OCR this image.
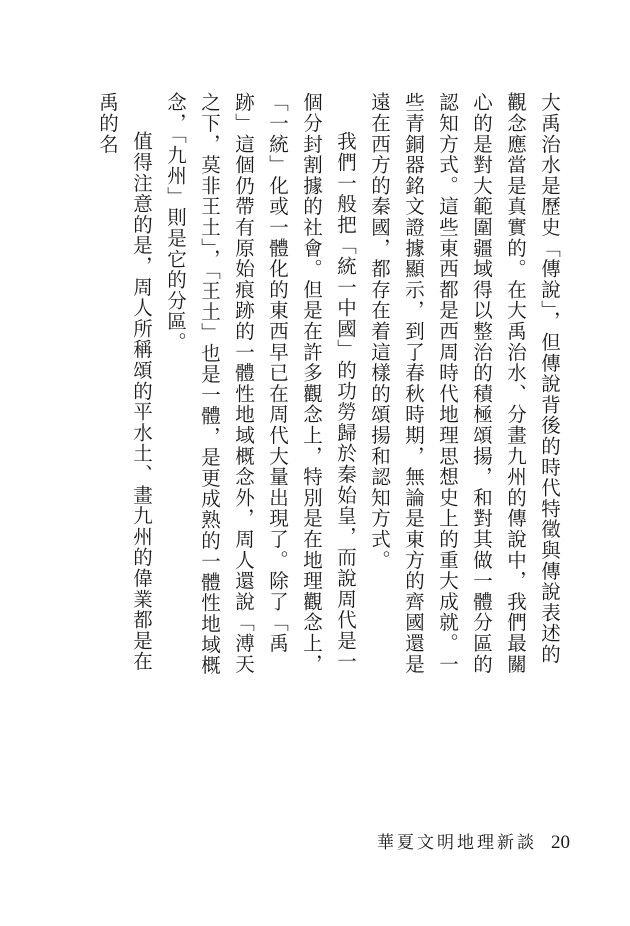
大禹治水是歷史「傳說」，但傳說背後的時代特徵與傳說表述的觀念應當是真實的。在大禹治水、分畫九州的傳說中，我們最關心的是對大範圍疆域得以整治的積極頌揚，和對其做一體分區的認知方式。這些東西都是西周時代地理思想史上的重大成就。一些青銅器銘文證據顯示，到了春秋時期，無論是東方的齊國還是遠在西方的秦國，都存在着這樣的頌揚和認知方式。

我們一般把「統一中國」的功勞歸於秦始皇，而說周代是一個分封割據的社會。但是在許多觀念上，特別是在地理觀念上，「一統」化或一體化的東西早已在周代大量出現了。除了「禹跡」這個仍帶有原始痕跡的一體性地域概念外，周人還說「溥天之下，莫非王土」，「王土」也是一體，是更成熟的一體性地域概念，「九州」則是它的分區。

值得注意的是，周人所稱頌的平水土、畫九州的偉業都是在禹的名

華夏文明地理新談 20
